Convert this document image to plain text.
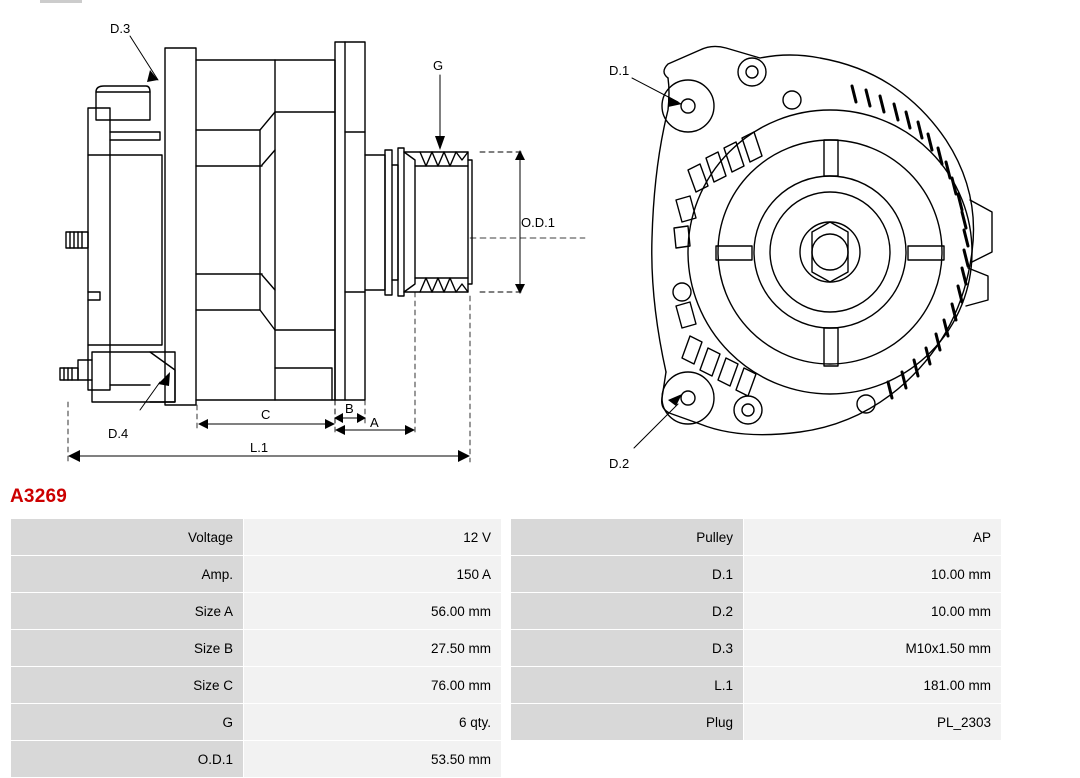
D.3
G
O.D.1
D.4
C	B
A
L.1
D.1
D.2
A3269
Voltage	12 V
Amp.	150 A
Size A	56.00 mm
Size B	27.50 mm
Size C	76.00 mm
G	6 qty.
O.D.1	53.50 mm
Pulley	AP
D.1	10.00 mm
D.2	10.00 mm
D.3	M10x1.50 mm
L.1	181.00 mm
Plug	PL_2303
